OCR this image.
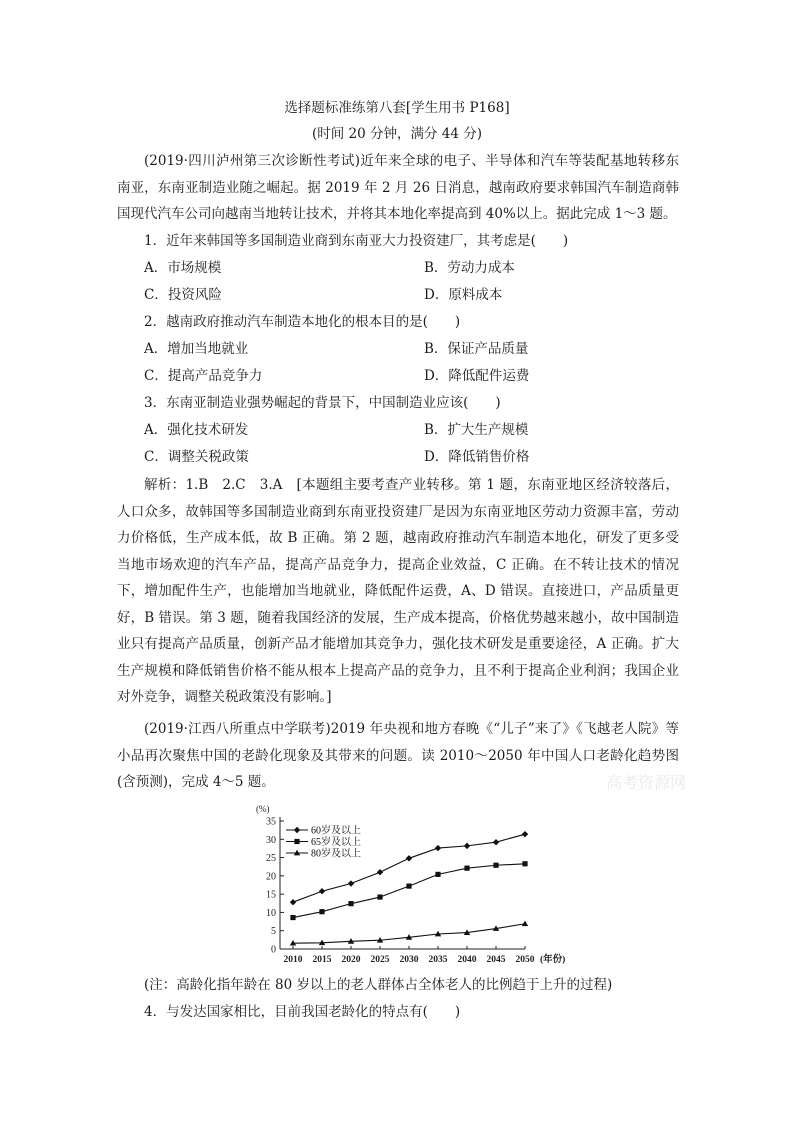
选择题标准练第八套[学生用书 P168]
(时间 20 分钟，满分 44 分)

(2019·四川泸州第三次诊断性考试)近年来全球的电子、半导体和汽车等装配基地转移东南亚，东南亚制造业随之崛起。据 2019 年 2 月 26 日消息，越南政府要求韩国汽车制造商韩国现代汽车公司向越南当地转让技术，并将其本地化率提高到 40%以上。据此完成 1～3 题。

1．近年来韩国等多国制造业商到东南亚大力投资建厂，其考虑是(　　)
A．市场规模	B．劳动力成本
C．投资风险	D．原料成本
2．越南政府推动汽车制造本地化的根本目的是(　　)
A．增加当地就业	B．保证产品质量
C．提高产品竞争力	D．降低配件运费
3．东南亚制造业强势崛起的背景下，中国制造业应该(　　)
A．强化技术研发	B．扩大生产规模
C．调整关税政策	D．降低销售价格

解析：1.B　2.C　3.A　[本题组主要考查产业转移。第 1 题，东南亚地区经济较落后，人口众多，故韩国等多国制造业商到东南亚投资建厂是因为东南亚地区劳动力资源丰富，劳动力价格低，生产成本低，故 B 正确。第 2 题，越南政府推动汽车制造本地化，研发了更多受当地市场欢迎的汽车产品，提高产品竞争力，提高企业效益，C 正确。在不转让技术的情况下，增加配件生产，也能增加当地就业，降低配件运费，A、D 错误。直接进口，产品质量更好，B 错误。第 3 题，随着我国经济的发展，生产成本提高，价格优势越来越小，故中国制造业只有提高产品质量，创新产品才能增加其竞争力，强化技术研发是重要途径，A 正确。扩大生产规模和降低销售价格不能从根本上提高产品的竞争力，且不利于提高企业利润；我国企业对外竞争，调整关税政策没有影响。]

(2019·江西八所重点中学联考)2019 年央视和地方春晚《“儿子”来了》《飞越老人院》等小品再次聚焦中国的老龄化现象及其带来的问题。读 2010～2050 年中国人口老龄化趋势图(含预测)，完成 4～5 题。	高考资源网
0
5
10
15
20
25
30
35
(%)
2010 2015 2020 2025 2030 2035 2040 2045 2050 (年份)
60岁及以上
65岁及以上
80岁及以上
(注：高龄化指年龄在 80 岁以上的老人群体占全体老人的比例趋于上升的过程)
4．与发达国家相比，目前我国老龄化的特点有(　　)
